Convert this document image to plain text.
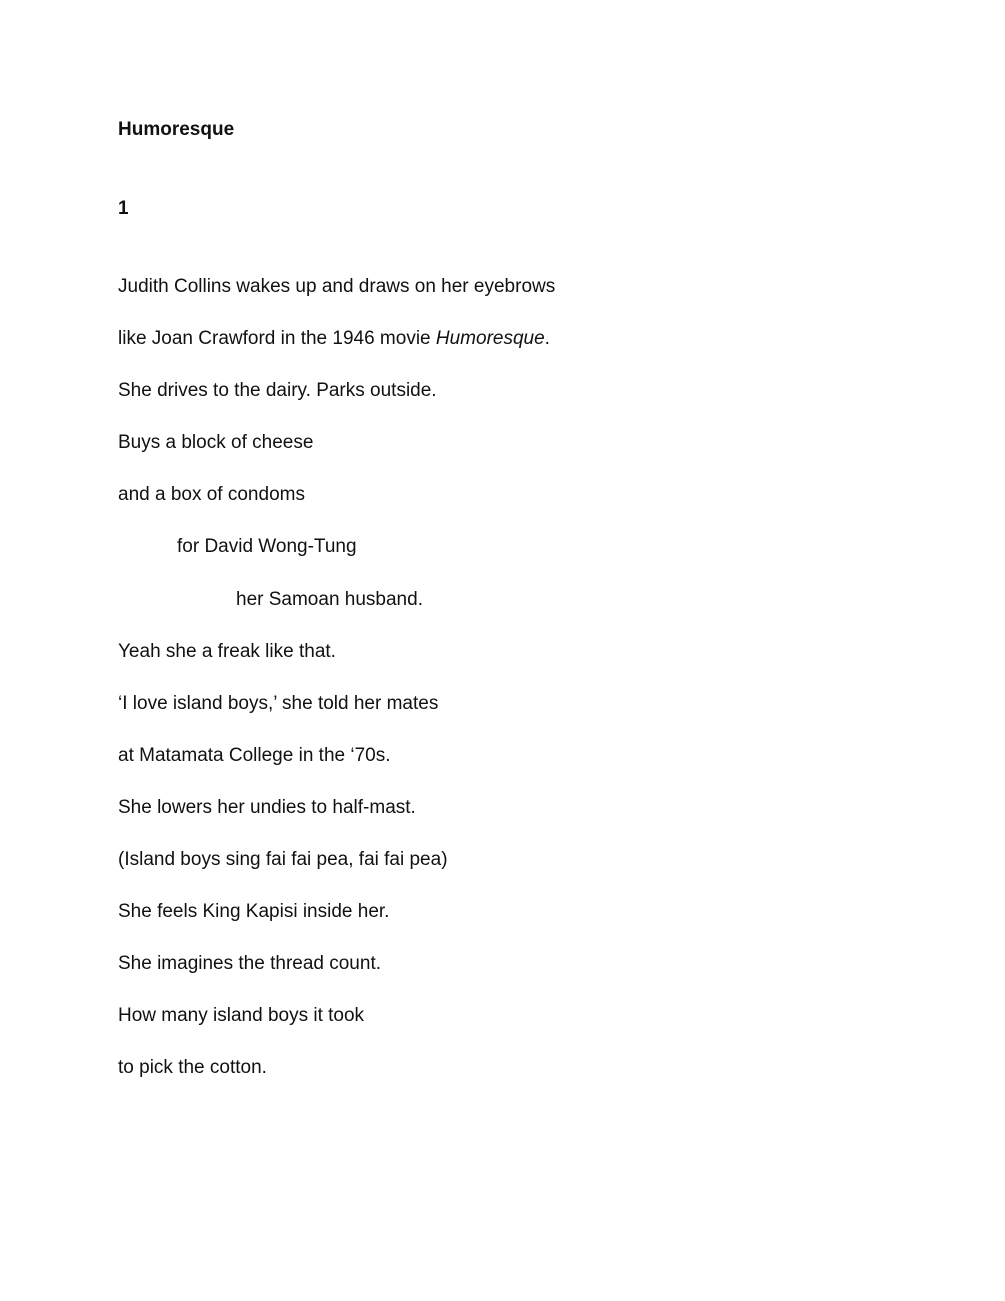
Humoresque
1
Judith Collins wakes up and draws on her eyebrows
like Joan Crawford in the 1946 movie Humoresque.
She drives to the dairy. Parks outside.
Buys a block of cheese
and a box of condoms
for David Wong-Tung
her Samoan husband.
Yeah she a freak like that.
‘I love island boys,’ she told her mates
at Matamata College in the ‘70s.
She lowers her undies to half-mast.
(Island boys sing fai fai pea, fai fai pea)
She feels King Kapisi inside her.
She imagines the thread count.
How many island boys it took
to pick the cotton.
